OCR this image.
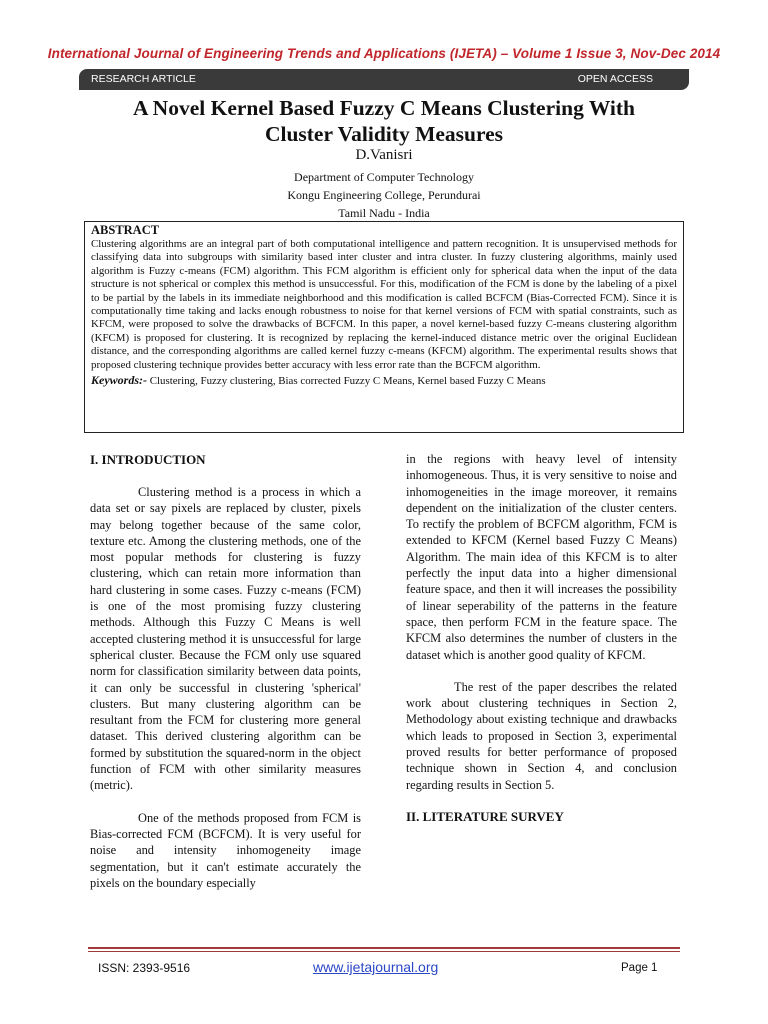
International Journal of Engineering Trends and Applications (IJETA) – Volume 1 Issue 3, Nov-Dec 2014
RESEARCH ARTICLE	OPEN ACCESS
A Novel Kernel Based Fuzzy C Means Clustering With
Cluster Validity Measures
D.Vanisri
Department of Computer Technology
Kongu Engineering College, Perundurai
Tamil Nadu - India
ABSTRACT

Clustering algorithms are an integral part of both computational intelligence and pattern recognition. It is unsupervised methods for classifying data into subgroups with similarity based inter cluster and intra cluster. In fuzzy clustering algorithms, mainly used algorithm is Fuzzy c-means (FCM) algorithm. This FCM algorithm is efficient only for spherical data when the input of the data structure is not spherical or complex this method is unsuccessful. For this, modification of the FCM is done by the labeling of a pixel to be partial by the labels in its immediate neighborhood and this modification is called BCFCM (Bias-Corrected FCM). Since it is computationally time taking and lacks enough robustness to noise for that kernel versions of FCM with spatial constraints, such as KFCM, were proposed to solve the drawbacks of BCFCM. In this paper, a novel kernel-based fuzzy C-means clustering algorithm (KFCM) is proposed for clustering. It is recognized by replacing the kernel-induced distance metric over the original Euclidean distance, and the corresponding algorithms are called kernel fuzzy c-means (KFCM) algorithm. The experimental results shows that proposed clustering technique provides better accuracy with less error rate than the BCFCM algorithm.

Keywords:- Clustering, Fuzzy clustering, Bias corrected Fuzzy C Means, Kernel based Fuzzy C Means
I. INTRODUCTION

Clustering method is a process in which a data set or say pixels are replaced by cluster, pixels may belong together because of the same color, texture etc. Among the clustering methods, one of the most popular methods for clustering is fuzzy clustering, which can retain more information than hard clustering in some cases. Fuzzy c-means (FCM) is one of the most promising fuzzy clustering methods. Although this Fuzzy C Means is well accepted clustering method it is unsuccessful for large spherical cluster. Because the FCM only use squared norm for classification similarity between data points, it can only be successful in clustering 'spherical' clusters. But many clustering algorithm can be resultant from the FCM for clustering more general dataset. This derived clustering algorithm can be formed by substitution the squared-norm in the object function of FCM with other similarity measures (metric).

One of the methods proposed from FCM is Bias-corrected FCM (BCFCM). It is very useful for noise and intensity inhomogeneity image segmentation, but it can't estimate accurately the pixels on the boundary especially

in the regions with heavy level of intensity inhomogeneous. Thus, it is very sensitive to noise and inhomogeneities in the image moreover, it remains dependent on the initialization of the cluster centers. To rectify the problem of BCFCM algorithm, FCM is extended to KFCM (Kernel based Fuzzy C Means) Algorithm. The main idea of this KFCM is to alter perfectly the input data into a higher dimensional feature space, and then it will increases the possibility of linear seperability of the patterns in the feature space, then perform FCM in the feature space. The KFCM also determines the number of clusters in the dataset which is another good quality of KFCM.

The rest of the paper describes the related work about clustering techniques in Section 2, Methodology about existing technique and drawbacks which leads to proposed in Section 3, experimental proved results for better performance of proposed technique shown in Section 4, and conclusion regarding results in Section 5.

II. LITERATURE SURVEY
ISSN: 2393-9516	www.ijetajournal.org	Page 1
